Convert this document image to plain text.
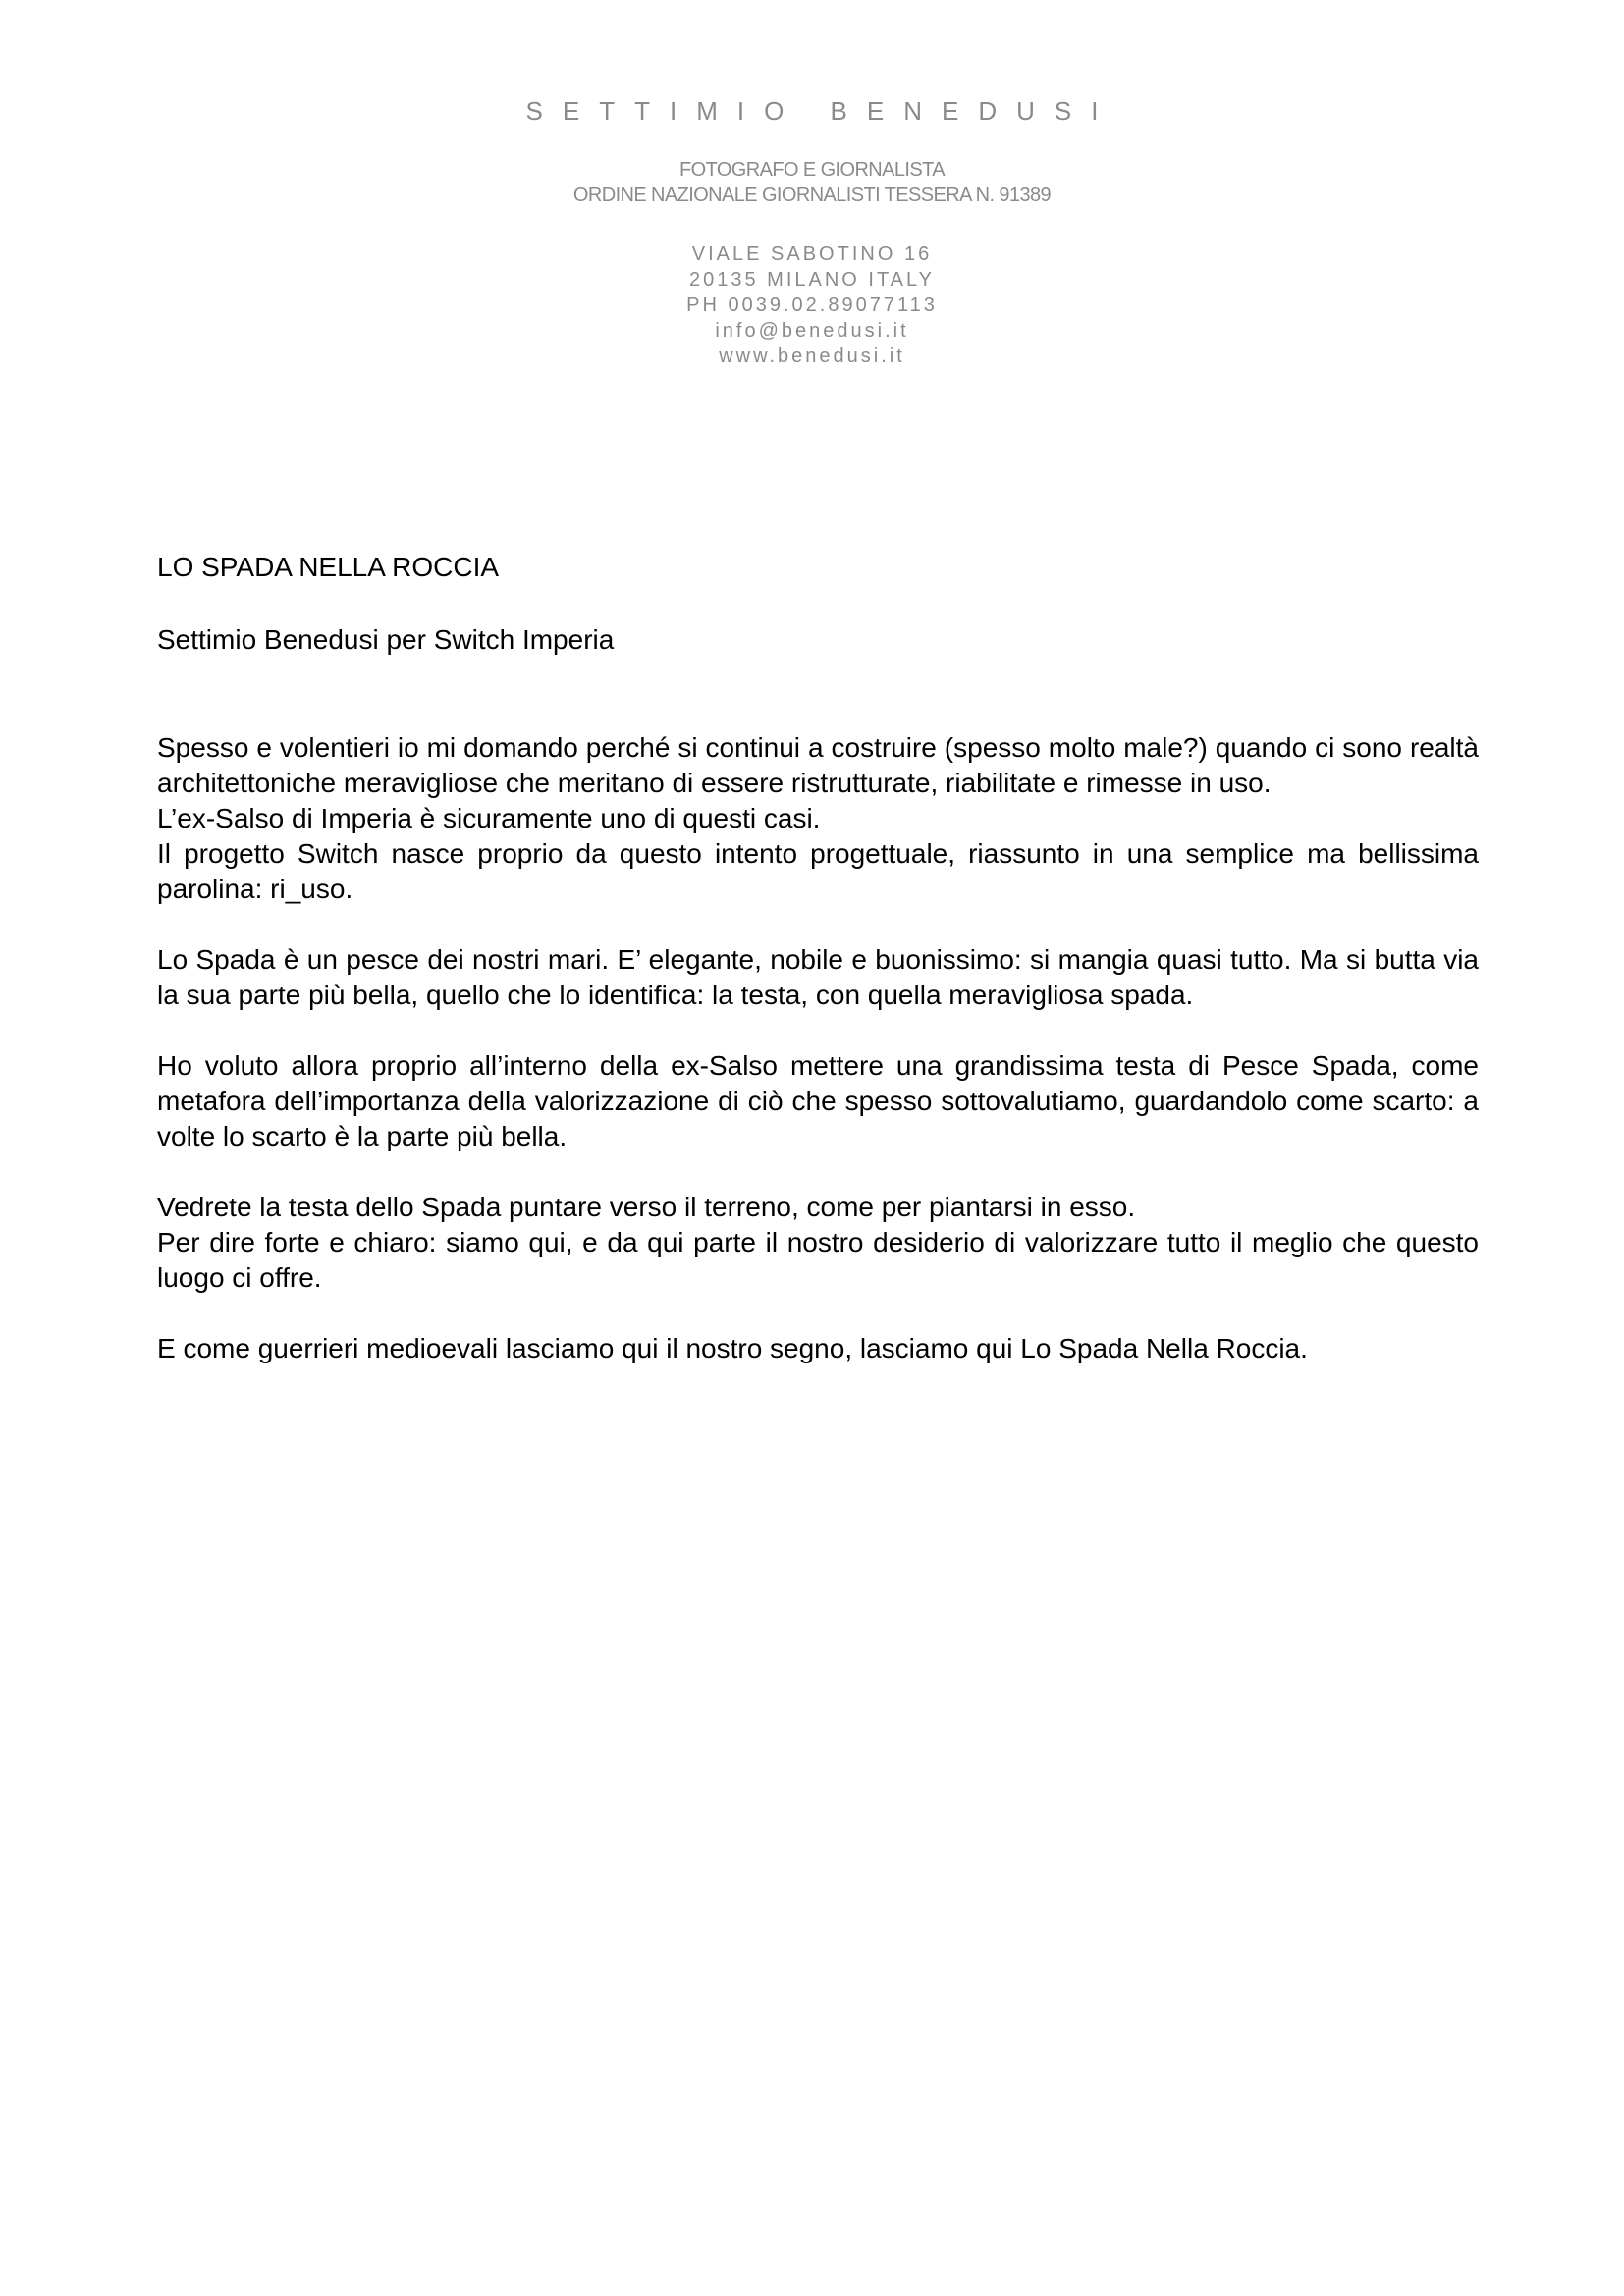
SETTIMIO BENEDUSI

FOTOGRAFO E GIORNALISTA
ORDINE NAZIONALE GIORNALISTI TESSERA N. 91389
VIALE SABOTINO 16
20135 MILANO ITALY
PH 0039.02.89077113
info@benedusi.it
www.benedusi.it
LO SPADA NELLA ROCCIA

Settimio Benedusi per Switch Imperia

Spesso e volentieri io mi domando perché si continui a costruire (spesso molto male?) quando ci sono realtà architettoniche meravigliose che meritano di essere ristrutturate, riabilitate e rimesse in uso.

L’ex-Salso di Imperia è sicuramente uno di questi casi.

Il progetto Switch nasce proprio da questo intento progettuale, riassunto in una semplice ma bellissima parolina: ri_uso.

Lo Spada è un pesce dei nostri mari. E’ elegante, nobile e buonissimo: si mangia quasi tutto. Ma si butta via la sua parte più bella, quello che lo identifica: la testa, con quella meravigliosa spada.

Ho voluto allora proprio all’interno della ex-Salso mettere una grandissima testa di Pesce Spada, come metafora dell’importanza della valorizzazione di ciò che spesso sottovalutiamo, guardandolo come scarto: a volte lo scarto è la parte più bella.

Vedrete la testa dello Spada puntare verso il terreno, come per piantarsi in esso.

Per dire forte e chiaro: siamo qui, e da qui parte il nostro desiderio di valorizzare tutto il meglio che questo luogo ci offre.

E come guerrieri medioevali lasciamo qui il nostro segno, lasciamo qui Lo Spada Nella Roccia.
